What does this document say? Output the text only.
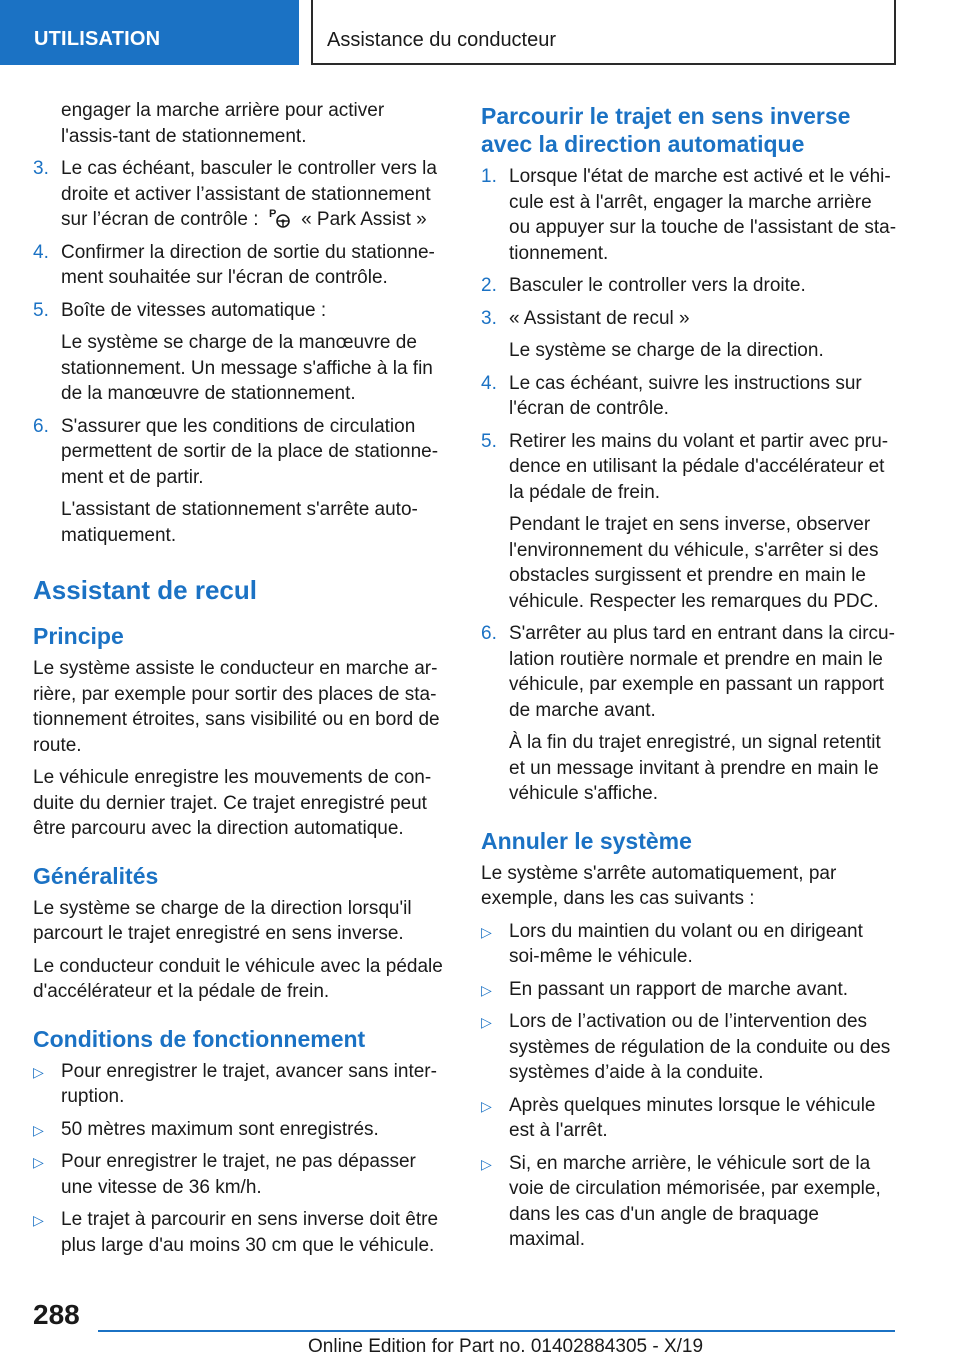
UTILISATION	Assistance du conducteur
engager la marche arrière pour activer l'assis-tant de stationnement.
3. Le cas échéant, basculer le controller vers la droite et activer l’assistant de stationnement sur l’écran de contrôle : P « Park Assist »
4. Confirmer la direction de sortie du stationne-ment souhaitée sur l'écran de contrôle.
5. Boîte de vitesses automatique :
Le système se charge de la manœuvre de stationnement. Un message s'affiche à la fin de la manœuvre de stationnement.
6. S'assurer que les conditions de circulation permettent de sortir de la place de stationne-ment et de partir.
L'assistant de stationnement s'arrête auto-matiquement.
Assistant de recul
Principe
Le système assiste le conducteur en marche ar-rière, par exemple pour sortir des places de sta-tionnement étroites, sans visibilité ou en bord de route.
Le véhicule enregistre les mouvements de con-duite du dernier trajet. Ce trajet enregistré peut être parcouru avec la direction automatique.
Généralités
Le système se charge de la direction lorsqu'il parcourt le trajet enregistré en sens inverse.
Le conducteur conduit le véhicule avec la pédale d'accélérateur et la pédale de frein.
Conditions de fonctionnement
▷ Pour enregistrer le trajet, avancer sans inter-ruption.
▷ 50 mètres maximum sont enregistrés.
▷ Pour enregistrer le trajet, ne pas dépasser une vitesse de 36 km/h.
▷ Le trajet à parcourir en sens inverse doit être plus large d'au moins 30 cm que le véhicule.
Parcourir le trajet en sens inverse avec la direction automatique
1. Lorsque l'état de marche est activé et le véhi-cule est à l'arrêt, engager la marche arrière ou appuyer sur la touche de l'assistant de sta-tionnement.
2. Basculer le controller vers la droite.
3. « Assistant de recul »
Le système se charge de la direction.
4. Le cas échéant, suivre les instructions sur l'écran de contrôle.
5. Retirer les mains du volant et partir avec pru-dence en utilisant la pédale d'accélérateur et la pédale de frein.
Pendant le trajet en sens inverse, observer l'environnement du véhicule, s'arrêter si des obstacles surgissent et prendre en main le véhicule. Respecter les remarques du PDC.
6. S'arrêter au plus tard en entrant dans la circu-lation routière normale et prendre en main le véhicule, par exemple en passant un rapport de marche avant.
À la fin du trajet enregistré, un signal retentit et un message invitant à prendre en main le véhicule s'affiche.
Annuler le système
Le système s'arrête automatiquement, par exemple, dans les cas suivants :
▷ Lors du maintien du volant ou en dirigeant soi-même le véhicule.
▷ En passant un rapport de marche avant.
▷ Lors de l’activation ou de l’intervention des systèmes de régulation de la conduite ou des systèmes d’aide à la conduite.
▷ Après quelques minutes lorsque le véhicule est à l'arrêt.
▷ Si, en marche arrière, le véhicule sort de la voie de circulation mémorisée, par exemple, dans les cas d'un angle de braquage maximal.
288
Online Edition for Part no. 01402884305 - X/19
